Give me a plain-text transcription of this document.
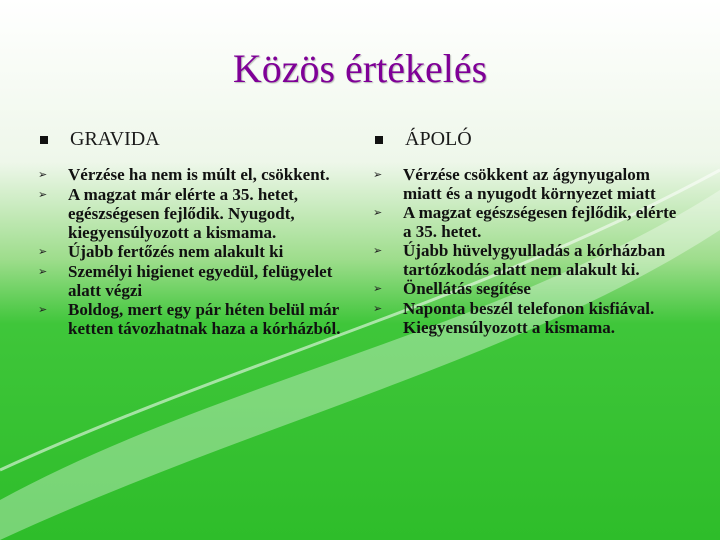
Közös értékelés
GRAVIDA
➢	Vérzése ha nem is múlt el, csökkent.
➢	A magzat már elérte a 35. hetet, egészségesen fejlődik. Nyugodt, kiegyensúlyozott a kismama.
➢	Újabb fertőzés nem alakult ki
➢	Személyi higienet egyedül, felügyelet alatt végzi
➢	Boldog, mert egy pár héten belül már ketten távozhatnak haza a kórházból.
ÁPOLÓ
➢	Vérzése csökkent az ágynyugalom miatt és a nyugodt környezet miatt
➢	A magzat egészségesen fejlődik, elérte a 35. hetet.
➢	Újabb hüvelygyulladás a kórházban tartózkodás alatt nem alakult ki.
➢	Önellátás segítése
➢	Naponta beszél telefonon kisfiával. Kiegyensúlyozott a kismama.
